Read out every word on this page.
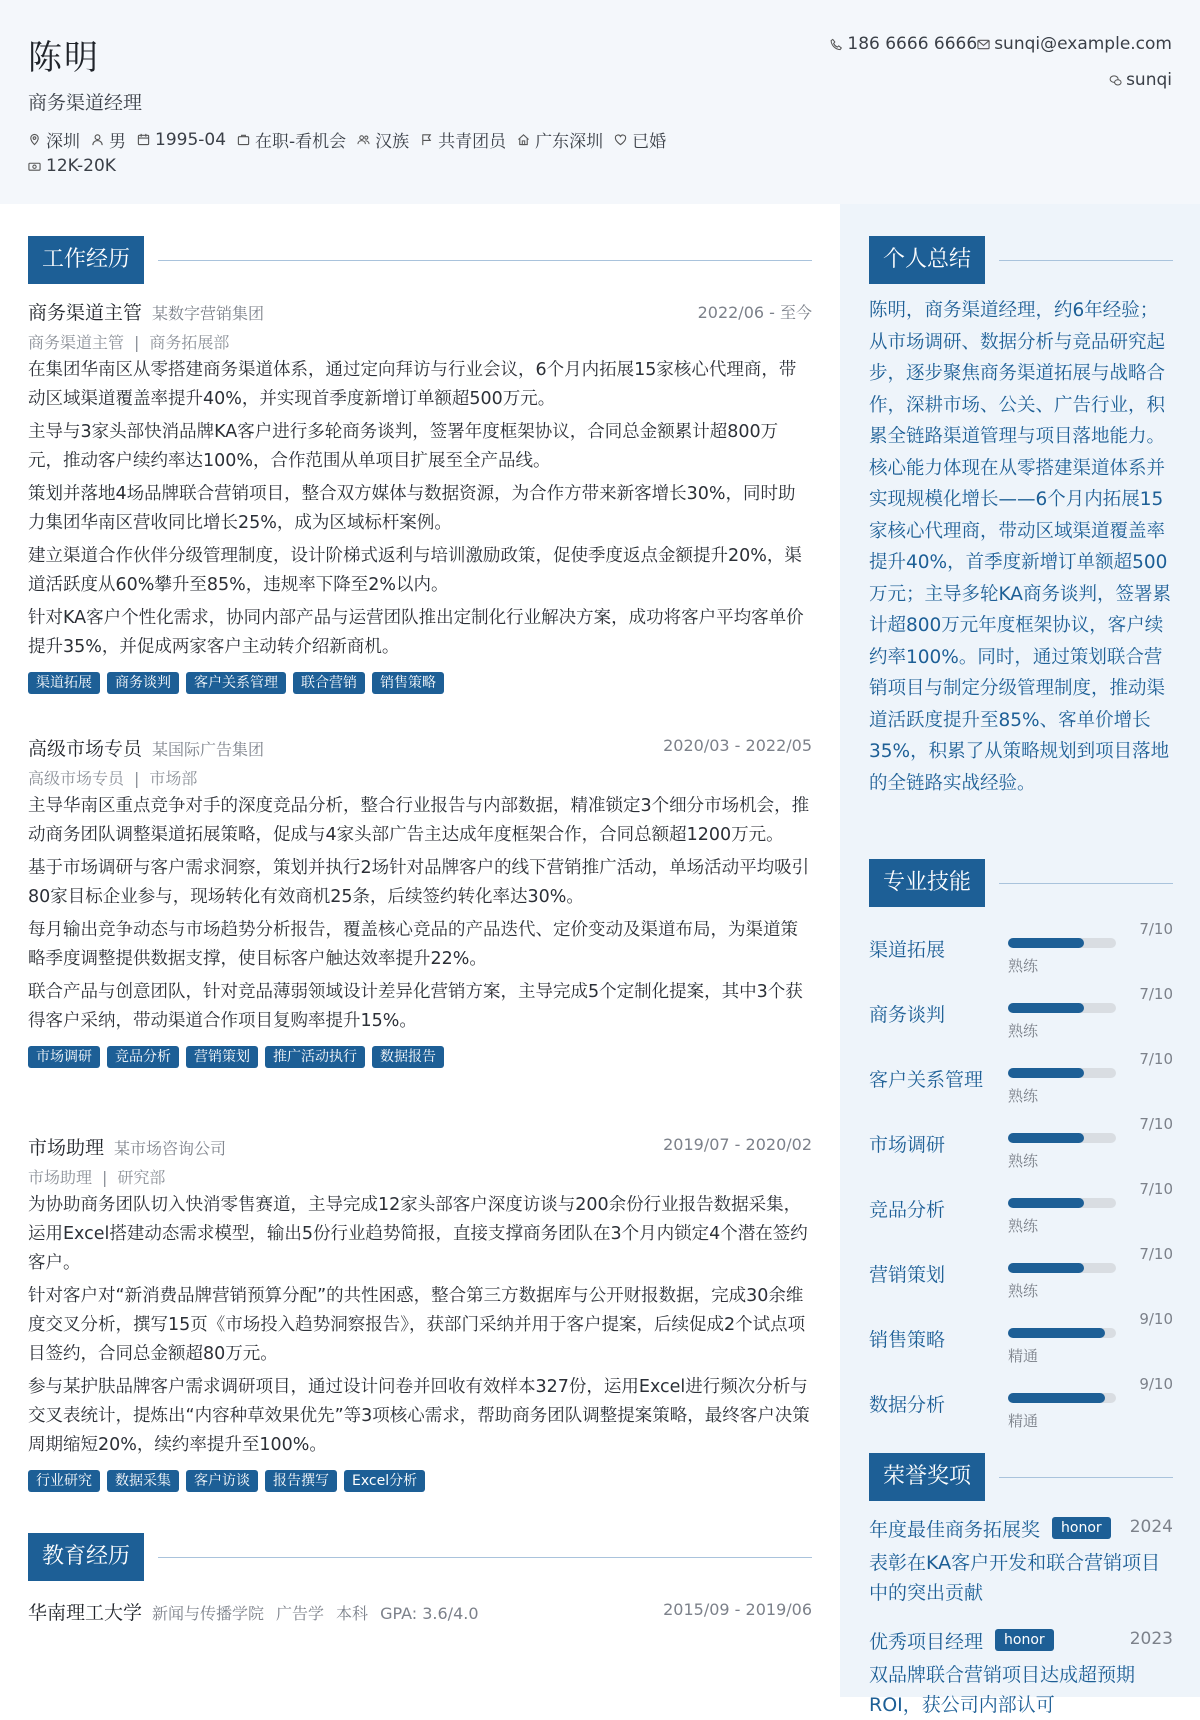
陈明
商务渠道经理
深圳 男 1995-04 在职-看机会 汉族 共青团员 广东深圳 已婚
12K-20K
186 6666 6666 sunqi@example.com
sunqi
工作经历
商务渠道主管 某数字营销集团	2022/06 - 至今
商务渠道主管 | 商务拓展部
在集团华南区从零搭建商务渠道体系，通过定向拜访与行业会议，6个月内拓展15家核心代理商，带动区域渠道覆盖率提升40%，并实现首季度新增订单额超500万元。
主导与3家头部快消品牌KA客户进行多轮商务谈判，签署年度框架协议，合同总金额累计超800万元，推动客户续约率达100%，合作范围从单项目扩展至全产品线。
策划并落地4场品牌联合营销项目，整合双方媒体与数据资源，为合作方带来新客增长30%，同时助力集团华南区营收同比增长25%，成为区域标杆案例。
建立渠道合作伙伴分级管理制度，设计阶梯式返利与培训激励政策，促使季度返点金额提升20%，渠道活跃度从60%攀升至85%，违规率下降至2%以内。
针对KA客户个性化需求，协同内部产品与运营团队推出定制化行业解决方案，成功将客户平均客单价提升35%，并促成两家客户主动转介绍新商机。
渠道拓展	商务谈判	客户关系管理	联合营销	销售策略
高级市场专员 某国际广告集团	2020/03 - 2022/05
高级市场专员 | 市场部
主导华南区重点竞争对手的深度竞品分析，整合行业报告与内部数据，精准锁定3个细分市场机会，推动商务团队调整渠道拓展策略，促成与4家头部广告主达成年度框架合作，合同总额超1200万元。
基于市场调研与客户需求洞察，策划并执行2场针对品牌客户的线下营销推广活动，单场活动平均吸引80家目标企业参与，现场转化有效商机25条，后续签约转化率达30%。
每月输出竞争动态与市场趋势分析报告，覆盖核心竞品的产品迭代、定价变动及渠道布局，为渠道策略季度调整提供数据支撑，使目标客户触达效率提升22%。
联合产品与创意团队，针对竞品薄弱领域设计差异化营销方案，主导完成5个定制化提案，其中3个获得客户采纳，带动渠道合作项目复购率提升15%。
市场调研	竞品分析	营销策划	推广活动执行	数据报告
市场助理 某市场咨询公司	2019/07 - 2020/02
市场助理 | 研究部
为协助商务团队切入快消零售赛道，主导完成12家头部客户深度访谈与200余份行业报告数据采集，运用Excel搭建动态需求模型，输出5份行业趋势简报，直接支撑商务团队在3个月内锁定4个潜在签约客户。
针对客户对“新消费品牌营销预算分配”的共性困惑，整合第三方数据库与公开财报数据，完成30余维度交叉分析，撰写15页《市场投入趋势洞察报告》，获部门采纳并用于客户提案，后续促成2个试点项目签约，合同总金额超80万元。
参与某护肤品牌客户需求调研项目，通过设计问卷并回收有效样本327份，运用Excel进行频次分析与交叉表统计，提炼出“内容种草效果优先”等3项核心需求，帮助商务团队调整提案策略，最终客户决策周期缩短20%，续约率提升至100%。
行业研究	数据采集	客户访谈	报告撰写	Excel分析
教育经历
华南理工大学 新闻与传播学院 广告学 本科 GPA: 3.6/4.0	2015/09 - 2019/06
个人总结
陈明，商务渠道经理，约6年经验；从市场调研、数据分析与竞品研究起步，逐步聚焦商务渠道拓展与战略合作，深耕市场、公关、广告行业，积累全链路渠道管理与项目落地能力。核心能力体现在从零搭建渠道体系并实现规模化增长——6个月内拓展15家核心代理商，带动区域渠道覆盖率提升40%，首季度新增订单额超500万元；主导多轮KA商务谈判，签署累计超800万元年度框架协议，客户续约率100%。同时，通过策划联合营销项目与制定分级管理制度，推动渠道活跃度提升至85%、客单价增长35%，积累了从策略规划到项目落地的全链路实战经验。
专业技能
渠道拓展
7/10
熟练
商务谈判
7/10
熟练
客户关系管理
7/10
熟练
市场调研
7/10
熟练
竞品分析
7/10
熟练
营销策划
7/10
熟练
销售策略
9/10
精通
数据分析
9/10
精通
荣誉奖项
年度最佳商务拓展奖	honor	2024
表彰在KA客户开发和联合营销项目中的突出贡献
优秀项目经理	honor	2023
双品牌联合营销项目达成超预期ROI，获公司内部认可
